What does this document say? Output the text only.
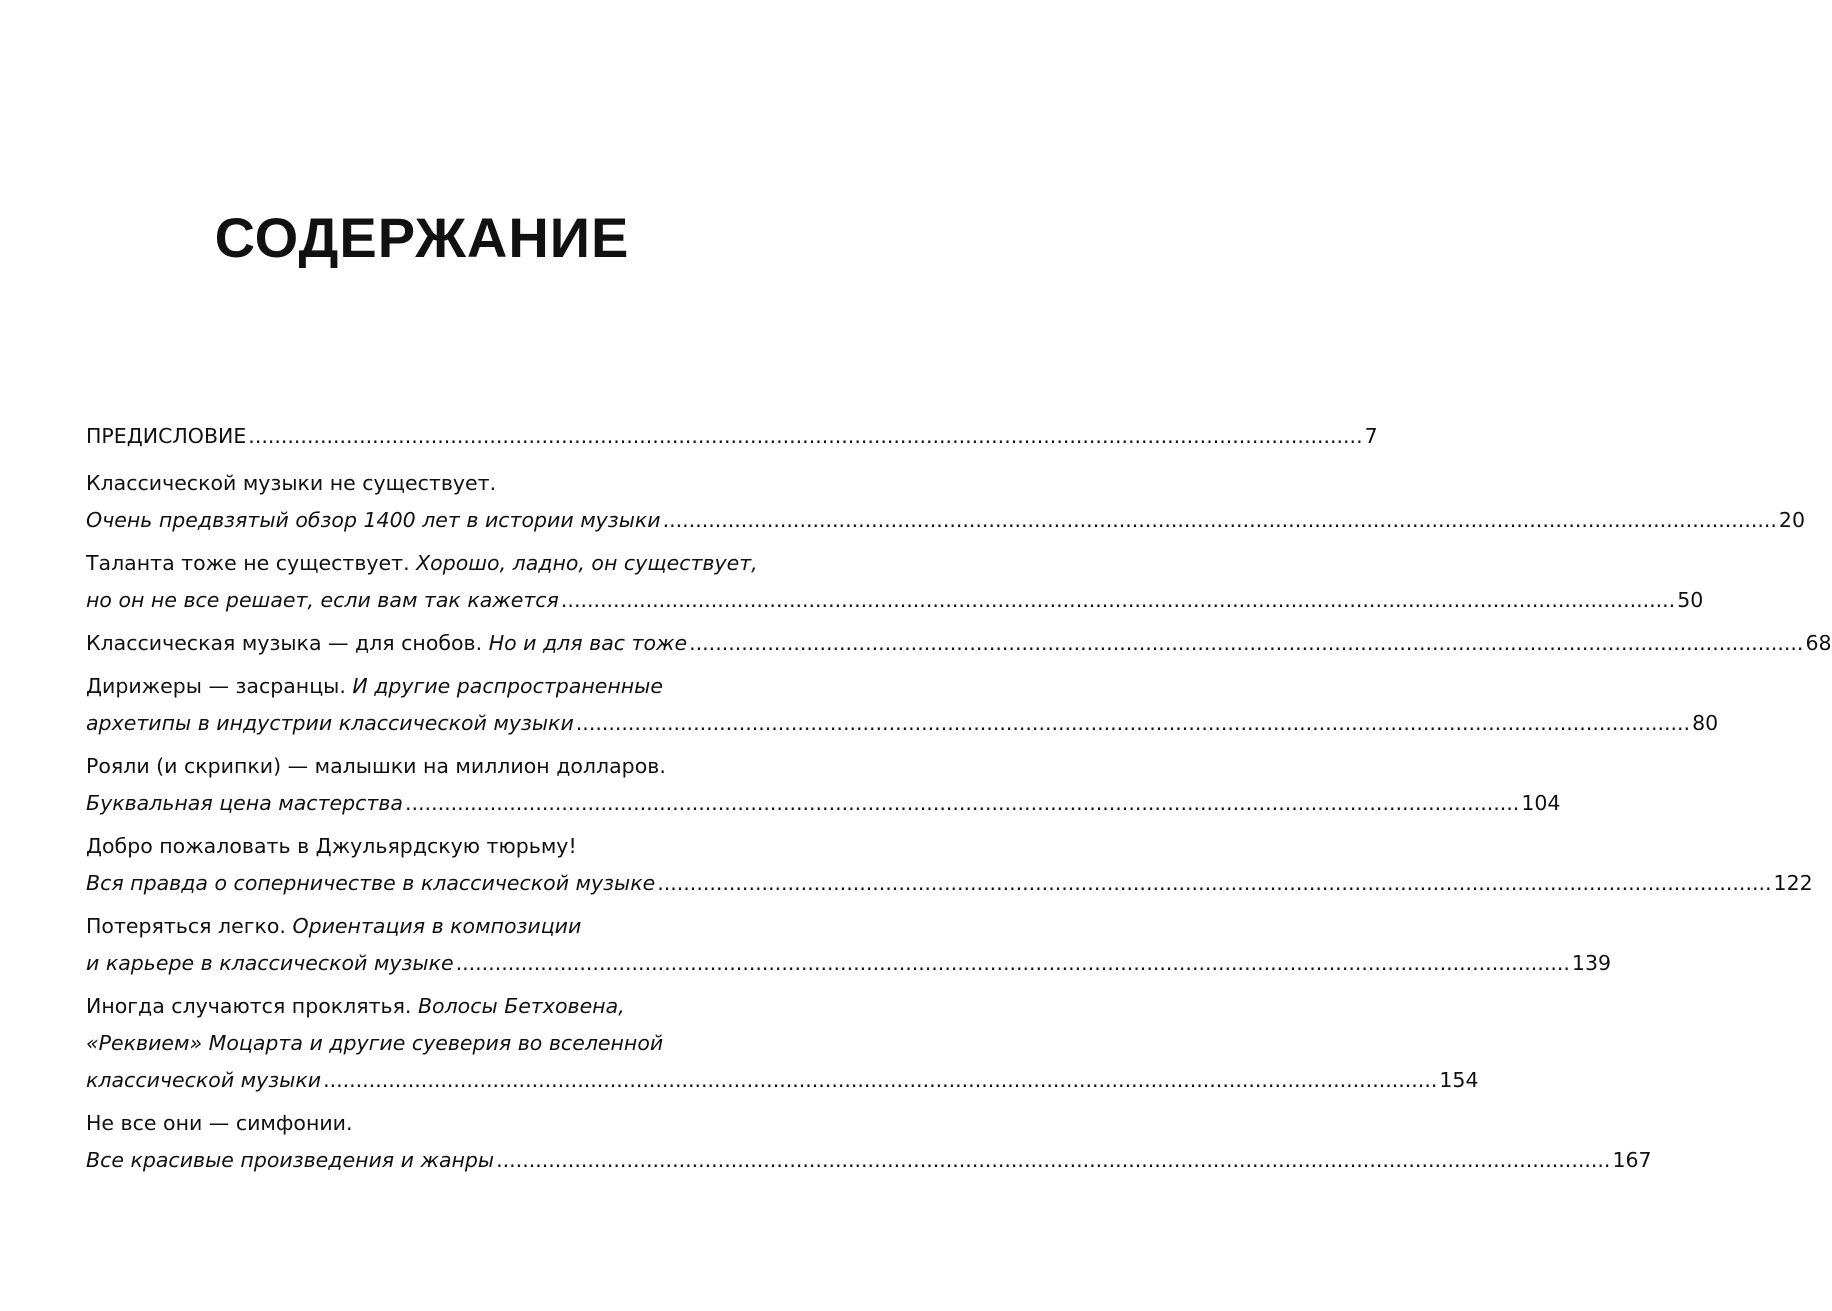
СОДЕРЖАНИЕ
ПРЕДИСЛОВИЕ .....	7
Классической музыки не существует.
Очень предвзятый обзор 1400 лет в истории музыки .....	20
Таланта тоже не существует. Хорошо, ладно, он существует,
но он не все решает, если вам так кажется .....	50
Классическая музыка — для снобов. Но и для вас тоже .....	68
Дирижеры — засранцы. И другие распространенные
архетипы в индустрии классической музыки .....	80
Рояли (и скрипки) — малышки на миллион долларов.
Буквальная цена мастерства .....	104
Добро пожаловать в Джульярдскую тюрьму!
Вся правда о соперничестве в классической музыке .....	122
Потеряться легко. Ориентация в композиции
и карьере в классической музыке .....	139
Иногда случаются проклятья. Волосы Бетховена,
«Реквием» Моцарта и другие суеверия во вселенной
классической музыки .....	154
Не все они — симфонии.
Все красивые произведения и жанры .....	167
